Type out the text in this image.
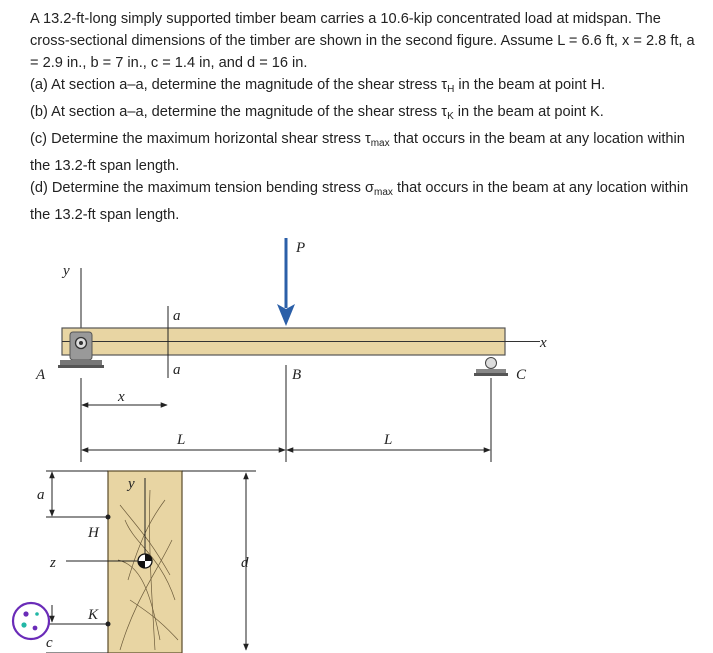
A 13.2-ft-long simply supported timber beam carries a 10.6-kip concentrated load at midspan. The cross-sectional dimensions of the timber are shown in the second figure. Assume L = 6.6 ft, x = 2.8 ft, a = 2.9 in., b = 7 in., c = 1.4 in, and d = 16 in.

(a) At section a–a, determine the magnitude of the shear stress $\tau_H$ in the beam at point H.

(b) At section a–a, determine the magnitude of the shear stress $\tau_K$ in the beam at point K.

(c) Determine the maximum horizontal shear stress $\tau_{max}$ that occurs in the beam at any location within the 13.2-ft span length.

(d) Determine the maximum tension bending stress $\sigma_{max}$ that occurs in the beam at any location within the 13.2-ft span length.

y
x
A	C
a
a
P
B
x
L	L
y
z
H
K
a
c
d
